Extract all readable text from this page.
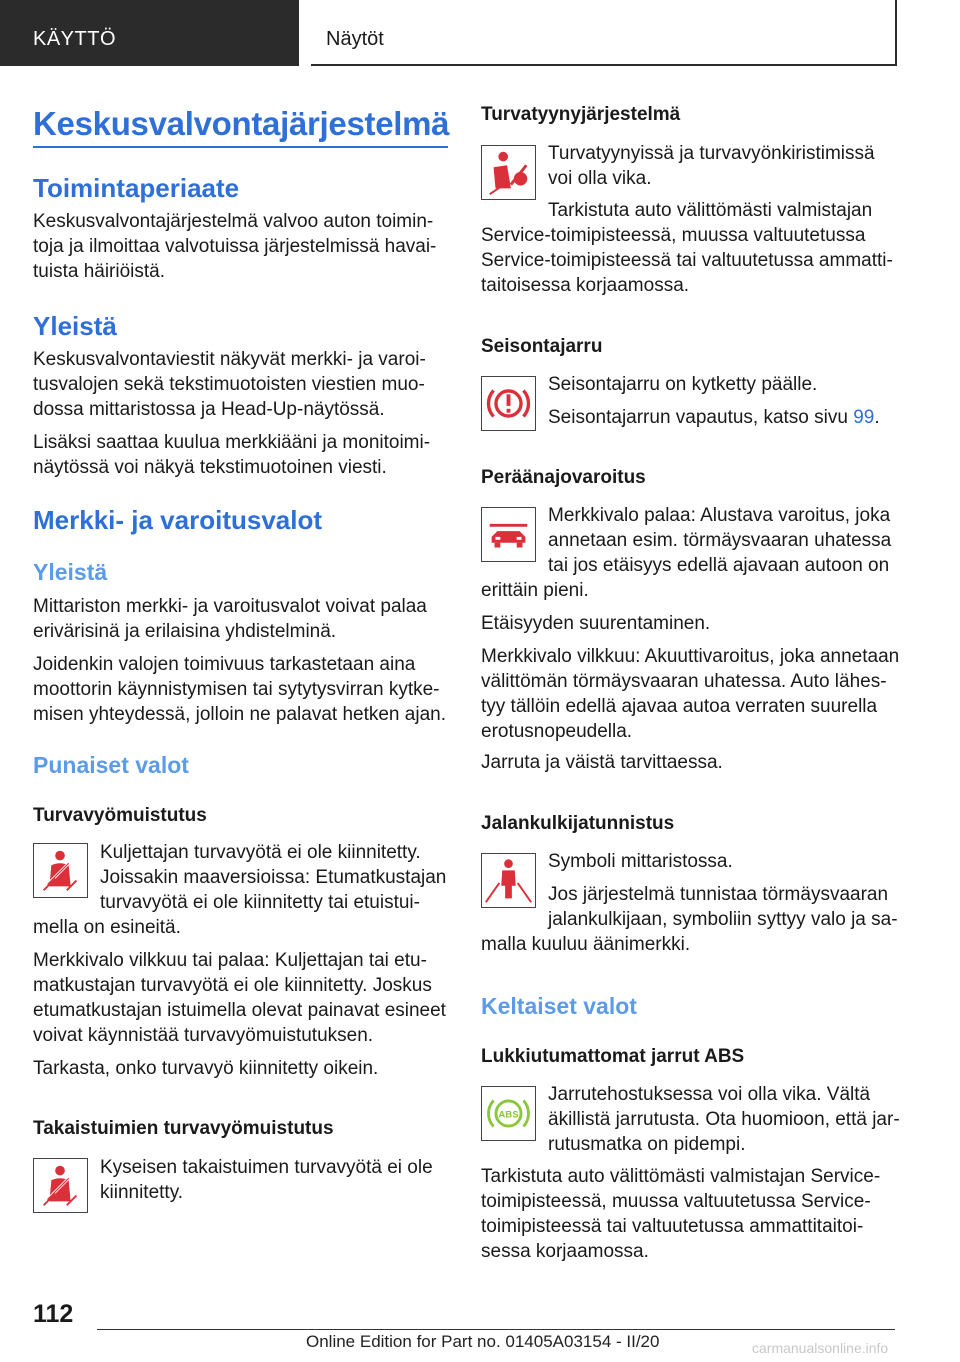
KÄYTTÖ	Näytöt
Keskusvalvontajärjestelmä
Toimintaperiaate
Keskusvalvontajärjestelmä valvoo auton toimin-
toja ja ilmoittaa valvotuissa järjestelmissä havai-
tuista häiriöistä.
Yleistä
Keskusvalvontaviestit näkyvät merkki- ja varoi-
tusvalojen sekä tekstimuotoisten viestien muo-
dossa mittaristossa ja Head-Up-näytössä.
Lisäksi saattaa kuulua merkkiääni ja monitoimi-
näytössä voi näkyä tekstimuotoinen viesti.
Merkki- ja varoitusvalot
Yleistä
Mittariston merkki- ja varoitusvalot voivat palaa
erivärisinä ja erilaisina yhdistelminä.
Joidenkin valojen toimivuus tarkastetaan aina
moottorin käynnistymisen tai sytytysvirran kytke-
misen yhteydessä, jolloin ne palavat hetken ajan.
Punaiset valot
Turvavyömuistutus
Kuljettajan turvavyötä ei ole kiinnitetty.
Joissakin maaversioissa: Etumatkustajan
turvavyötä ei ole kiinnitetty tai etuistui-
mella on esineitä.
Merkkivalo vilkkuu tai palaa: Kuljettajan tai etu-
matkustajan turvavyötä ei ole kiinnitetty. Joskus
etumatkustajan istuimella olevat painavat esineet
voivat käynnistää turvavyömuistutuksen.
Tarkasta, onko turvavyö kiinnitetty oikein.
Takaistuimien turvavyömuistutus
Kyseisen takaistuimen turvavyötä ei ole
kiinnitetty.
Turvatyynyjärjestelmä
Turvatyynyissä ja turvavyönkiristimissä
voi olla vika.
Tarkistuta auto välittömästi valmistajan
Service-toimipisteessä, muussa valtuutetussa
Service-toimipisteessä tai valtuutetussa ammatti-
taitoisessa korjaamossa.
Seisontajarru
Seisontajarru on kytketty päälle.
Seisontajarrun vapautus, katso sivu 99.
Peräänajovaroitus
Merkkivalo palaa: Alustava varoitus, joka
annetaan esim. törmäysvaaran uhatessa
tai jos etäisyys edellä ajavaan autoon on
erittäin pieni.
Etäisyyden suurentaminen.
Merkkivalo vilkkuu: Akuuttivaroitus, joka annetaan
välittömän törmäysvaaran uhatessa. Auto lähes-
tyy tällöin edellä ajavaa autoa verraten suurella
erotusnopeudella.
Jarruta ja väistä tarvittaessa.
Jalankulkijatunnistus
Symboli mittaristossa.
Jos järjestelmä tunnistaa törmäysvaaran
jalankulkijaan, symboliin syttyy valo ja sa-
malla kuuluu äänimerkki.
Keltaiset valot
Lukkiutumattomat jarrut ABS
ABS
Jarrutehostuksessa voi olla vika. Vältä
äkillistä jarrutusta. Ota huomioon, että jar-
rutusmatka on pidempi.
Tarkistuta auto välittömästi valmistajan Service-
toimipisteessä, muussa valtuutetussa Service-
toimipisteessä tai valtuutetussa ammattitaitoi-
sessa korjaamossa.
112
Online Edition for Part no. 01405A03154 - II/20	carmanualsonline.info
